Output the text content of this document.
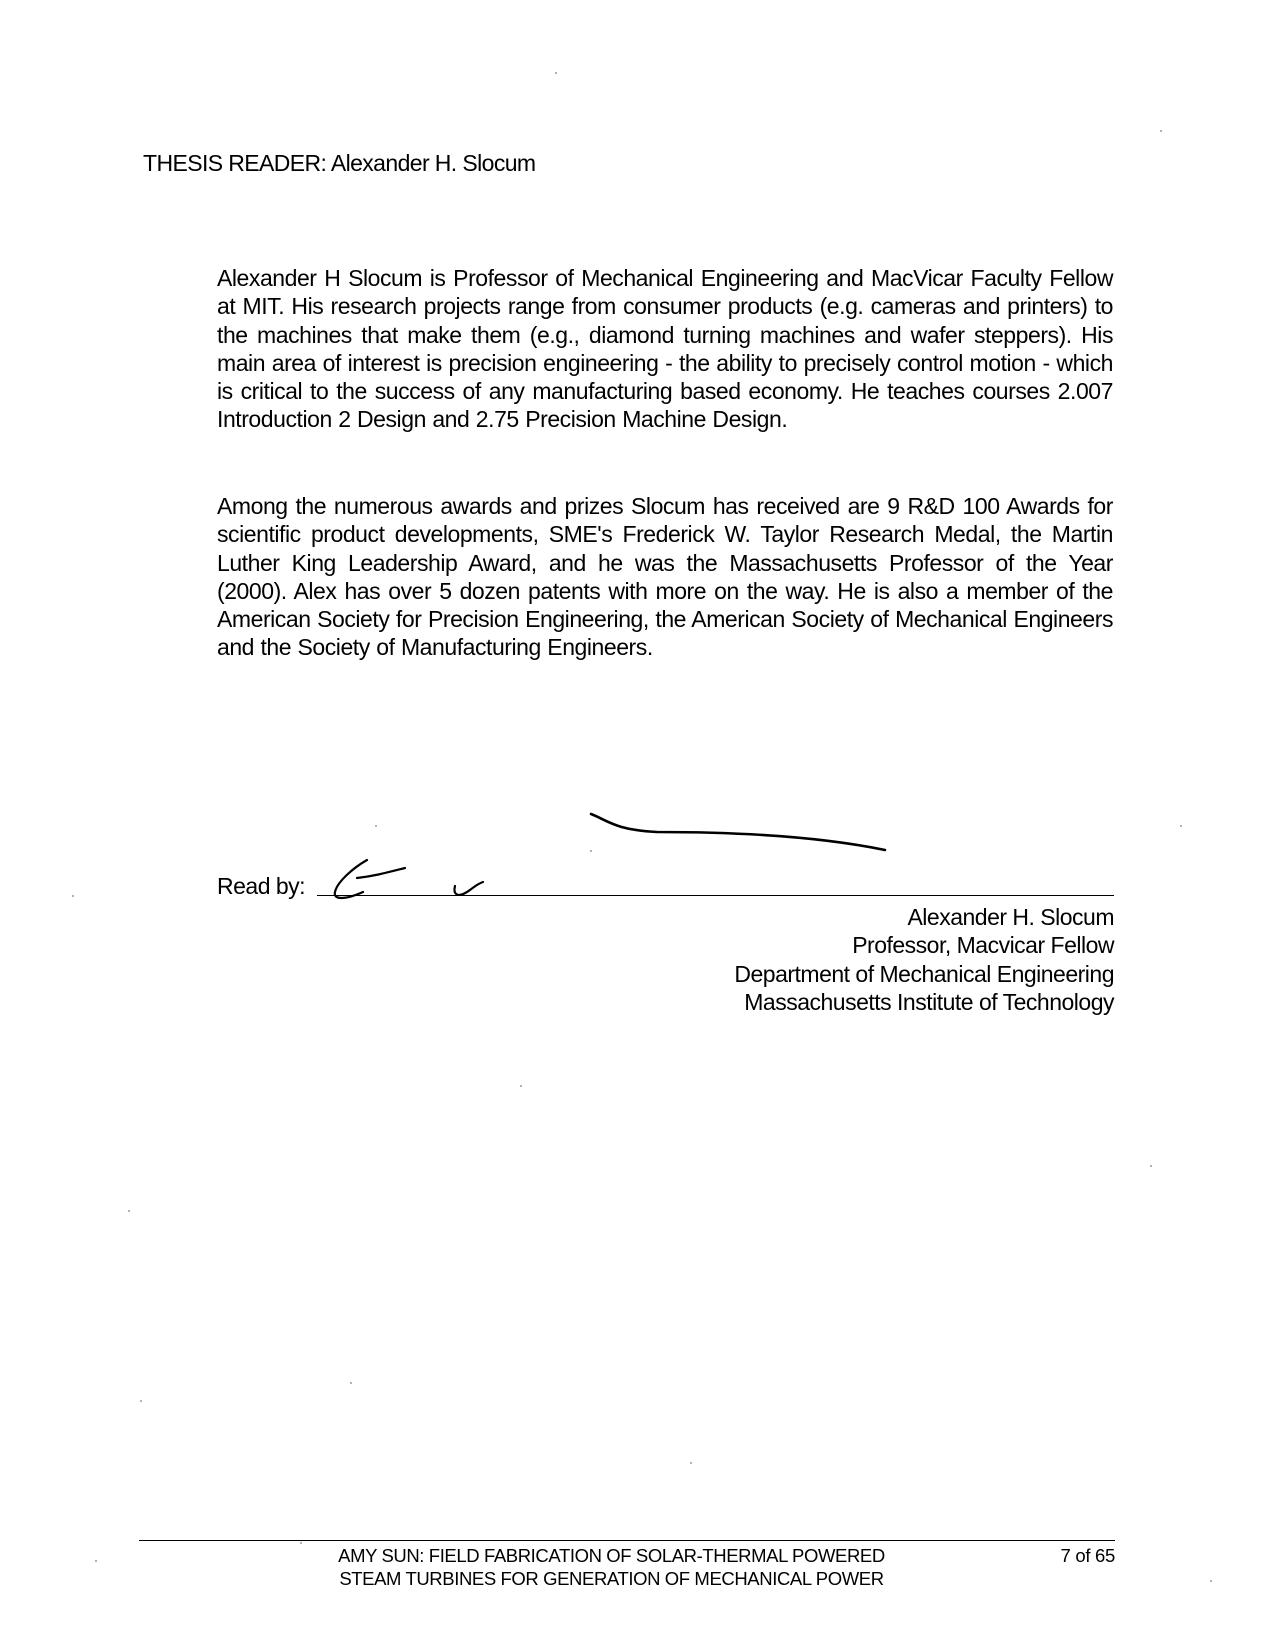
THESIS READER: Alexander H. Slocum

Alexander H Slocum is Professor of Mechanical Engineering and MacVicar Faculty Fellow at MIT. His research projects range from consumer products (e.g. cameras and printers) to the machines that make them (e.g., diamond turning machines and wafer steppers). His main area of interest is precision engineering - the ability to precisely control motion - which is critical to the success of any manufacturing based economy. He teaches courses 2.007 Introduction 2 Design and 2.75 Precision Machine Design.

Among the numerous awards and prizes Slocum has received are 9 R&D 100 Awards for scientific product developments, SME's Frederick W. Taylor Research Medal, the Martin Luther King Leadership Award, and he was the Massachusetts Professor of the Year (2000). Alex has over 5 dozen patents with more on the way. He is also a member of the American Society for Precision Engineering, the American Society of Mechanical Engineers and the Society of Manufacturing Engineers.

Read by:
Alexander H. Slocum
Professor, Macvicar Fellow
Department of Mechanical Engineering
Massachusetts Institute of Technology
AMY SUN: FIELD FABRICATION OF SOLAR-THERMAL POWERED
STEAM TURBINES FOR GENERATION OF MECHANICAL POWER
7 of 65
